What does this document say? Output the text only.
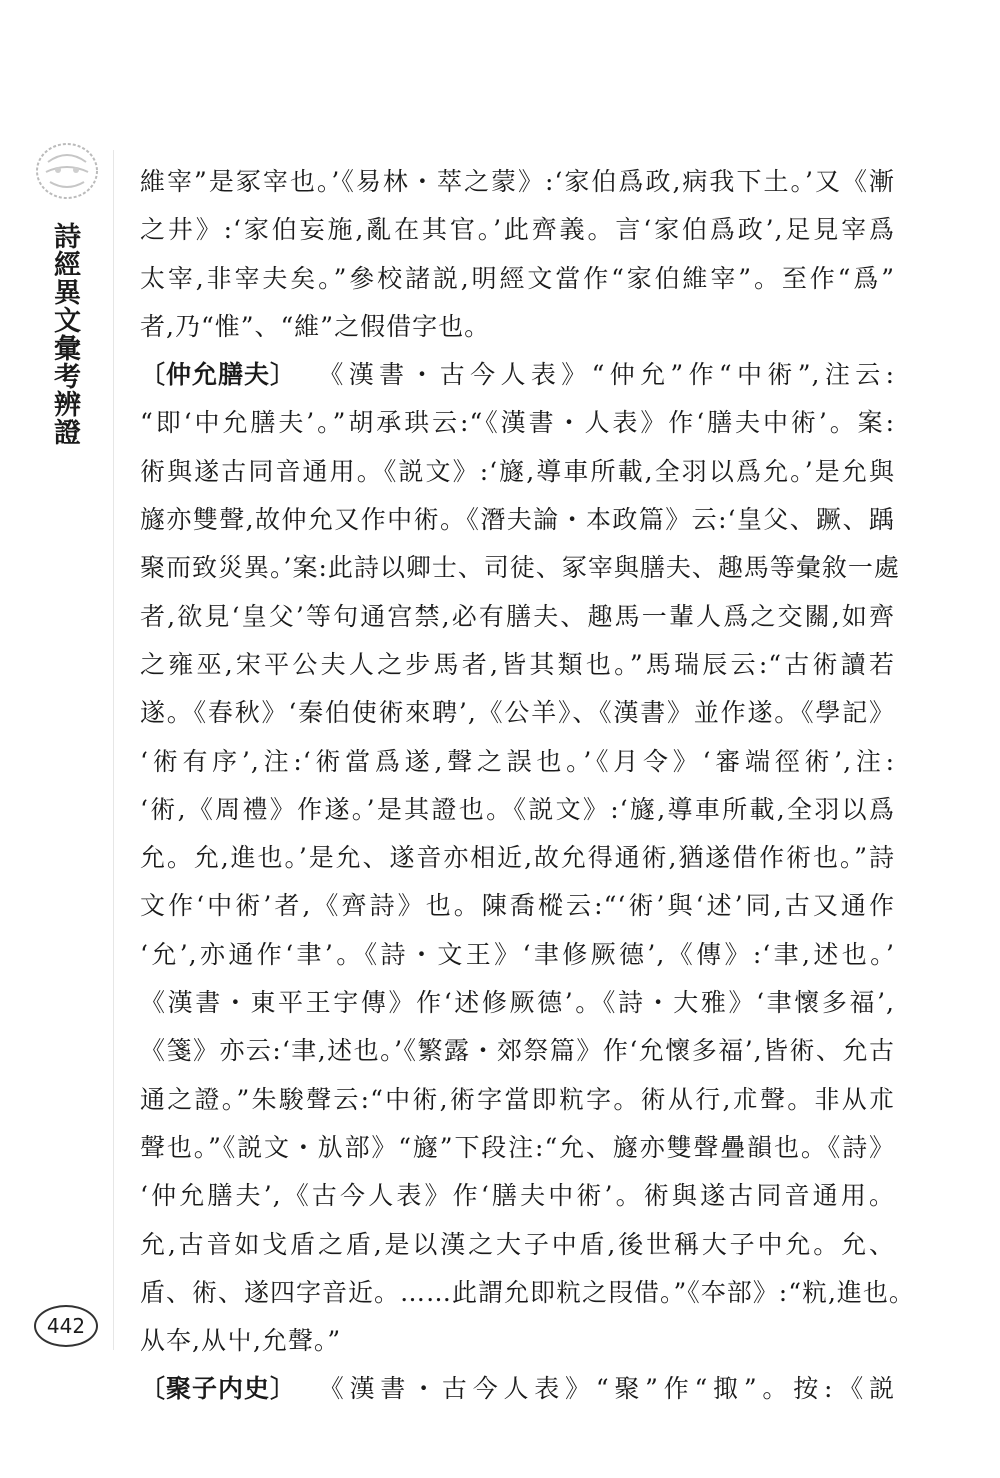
詩經異文彙考辨證
442
維宰”是冢宰也。’《易林・萃之蒙》:‘家伯爲政,病我下土。’又《漸
之井》:‘家伯妄施,亂在其官。’此齊義。言‘家伯爲政’,足見宰爲
太宰,非宰夫矣。”參校諸説,明經文當作“家伯維宰”。至作“爲”
者,乃“惟”、“維”之假借字也。
〔仲允膳夫〕 《漢書・古今人表》“仲允”作“中術”,注云:
“即‘中允膳夫’。”胡承珙云:“《漢書・人表》作‘膳夫中術’。案:
術與遂古同音通用。《説文》:‘旞,導車所載,全羽以爲允。’是允與
旞亦雙聲,故仲允又作中術。《潛夫論・本政篇》云:‘皇父、蹶、踽
聚而致災異。’案:此詩以卿士、司徒、冢宰與膳夫、趣馬等彙敘一處
者,欲見‘皇父’等句通宫禁,必有膳夫、趣馬一輩人爲之交關,如齊
之雍巫,宋平公夫人之步馬者,皆其類也。”馬瑞辰云:“古術讀若
遂。《春秋》‘秦伯使術來聘’,《公羊》、《漢書》並作遂。《學記》
‘術有序’,注:‘術當爲遂,聲之誤也。’《月令》‘審端徑術’,注:
‘術,《周禮》作遂。’是其證也。《説文》:‘旞,導車所載,全羽以爲
允。允,進也。’是允、遂音亦相近,故允得通術,猶遂借作術也。”詩
文作‘中術’者,《齊詩》也。陳喬樅云:“‘術’與‘述’同,古又通作
‘允’,亦通作‘聿’。《詩・文王》‘聿修厥德’,《傳》:‘聿,述也。’
《漢書・東平王宇傳》作‘述修厥德’。《詩・大雅》‘聿懷多福’,
《箋》亦云:‘聿,述也。’《繁露・郊祭篇》作‘允懷多福’,皆術、允古
通之證。”朱駿聲云:“中術,術字當即粇字。術从行,朮聲。非从朮
聲也。”《説文・㫃部》“旞”下段注:“允、旞亦雙聲疊韻也。《詩》
‘仲允膳夫’,《古今人表》作‘膳夫中術’。術與遂古同音通用。
允,古音如戈盾之盾,是以漢之大子中盾,後世稱大子中允。允、
盾、術、遂四字音近。……此謂允即粇之叚借。”《夲部》:“粇,進也。
从夲,从屮,允聲。”
〔聚子内史〕 《漢書・古今人表》“聚”作“掫”。按:《説
